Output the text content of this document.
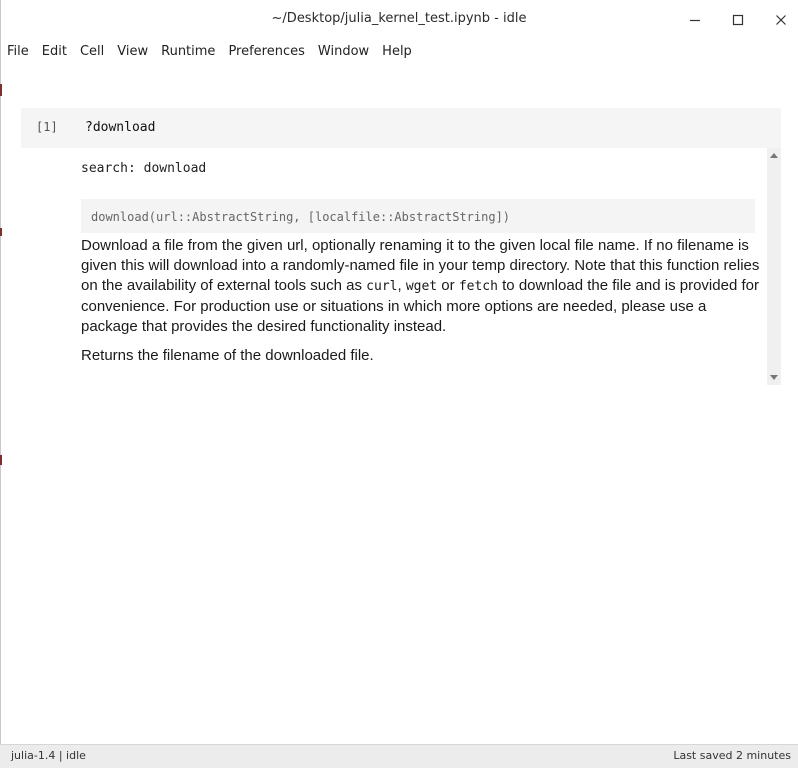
~/Desktop/julia_kernel_test.ipynb - idle
File	Edit	Cell	View	Runtime	Preferences	Window	Help
[1] ?download
search: download
download(url::AbstractString, [localfile::AbstractString])
Download a file from the given url, optionally renaming it to the given local file name. If no filename is given this will download into a randomly-named file in your temp directory. Note that this function relies on the availability of external tools such as curl, wget or fetch to download the file and is provided for convenience. For production use or situations in which more options are needed, please use a package that provides the desired functionality instead.
Returns the filename of the downloaded file.
julia-1.4 | idle	Last saved 2 minutes
